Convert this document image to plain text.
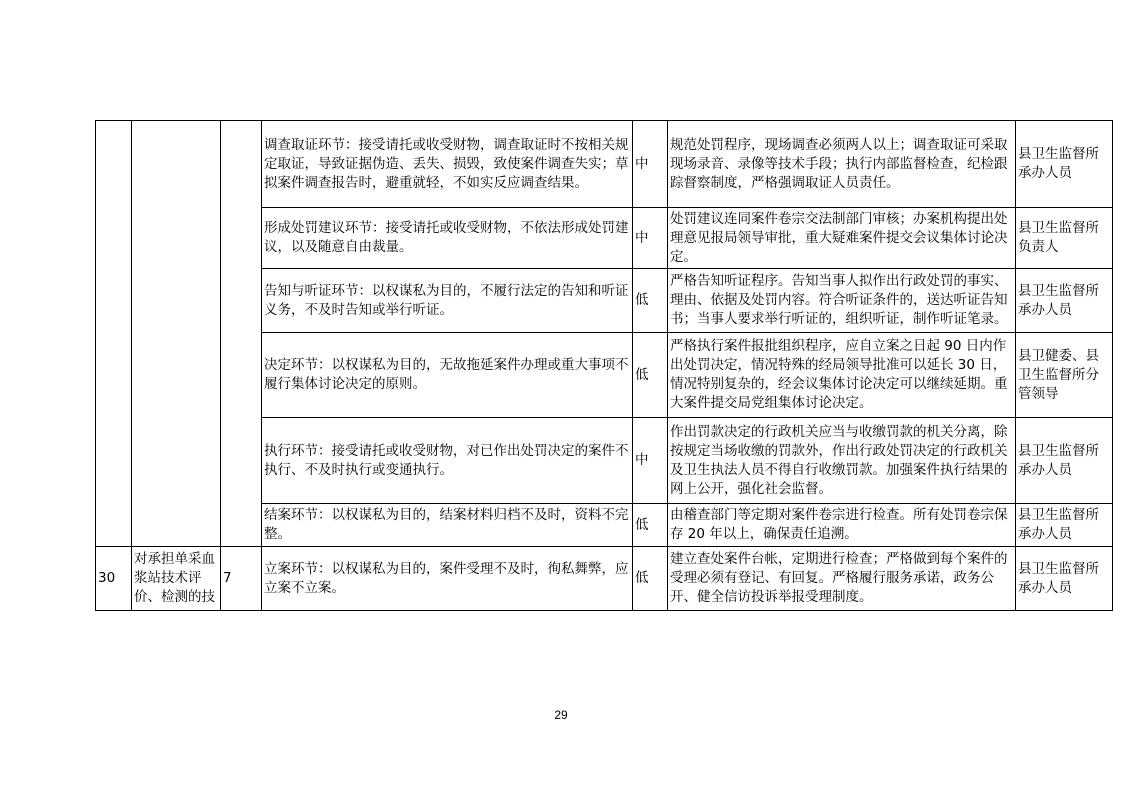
			调查取证环节：接受请托或收受财物，调查取证时不按相关规定取证，导致证据伪造、丢失、损毁，致使案件调查失实；草拟案件调查报告时，避重就轻，不如实反应调查结果。	中	规范处罚程序，现场调查必须两人以上；调查取证可采取现场录音、录像等技术手段；执行内部监督检查，纪检跟踪督察制度，严格强调取证人员责任。	县卫生监督所承办人员
			形成处罚建议环节：接受请托或收受财物，不依法形成处罚建议，以及随意自由裁量。	中	处罚建议连同案件卷宗交法制部门审核；办案机构提出处理意见报局领导审批，重大疑难案件提交会议集体讨论决定。	县卫生监督所负责人
			告知与听证环节：以权谋私为目的，不履行法定的告知和听证义务，不及时告知或举行听证。	低	严格告知听证程序。告知当事人拟作出行政处罚的事实、理由、依据及处罚内容。符合听证条件的，送达听证告知书；当事人要求举行听证的，组织听证，制作听证笔录。	县卫生监督所承办人员
			决定环节：以权谋私为目的，无故拖延案件办理或重大事项不履行集体讨论决定的原则。	低	严格执行案件报批组织程序，应自立案之日起 90 日内作出处罚决定，情况特殊的经局领导批准可以延长 30 日，情况特别复杂的，经会议集体讨论决定可以继续延期。重大案件提交局党组集体讨论决定。	县卫健委、县卫生监督所分管领导
			执行环节：接受请托或收受财物，对已作出处罚决定的案件不执行、不及时执行或变通执行。	中	作出罚款决定的行政机关应当与收缴罚款的机关分离，除按规定当场收缴的罚款外，作出行政处罚决定的行政机关及卫生执法人员不得自行收缴罚款。加强案件执行结果的网上公开，强化社会监督。	县卫生监督所承办人员
			结案环节：以权谋私为目的，结案材料归档不及时，资料不完整。	低	由稽查部门等定期对案件卷宗进行检查。所有处罚卷宗保存 20 年以上，确保责任追溯。	县卫生监督所承办人员
30	对承担单采血浆站技术评价、检测的技	7	立案环节：以权谋私为目的，案件受理不及时，徇私舞弊，应立案不立案。	低	建立查处案件台帐，定期进行检查；严格做到每个案件的受理必须有登记、有回复。严格履行服务承诺，政务公开、健全信访投诉举报受理制度。	县卫生监督所承办人员
29
